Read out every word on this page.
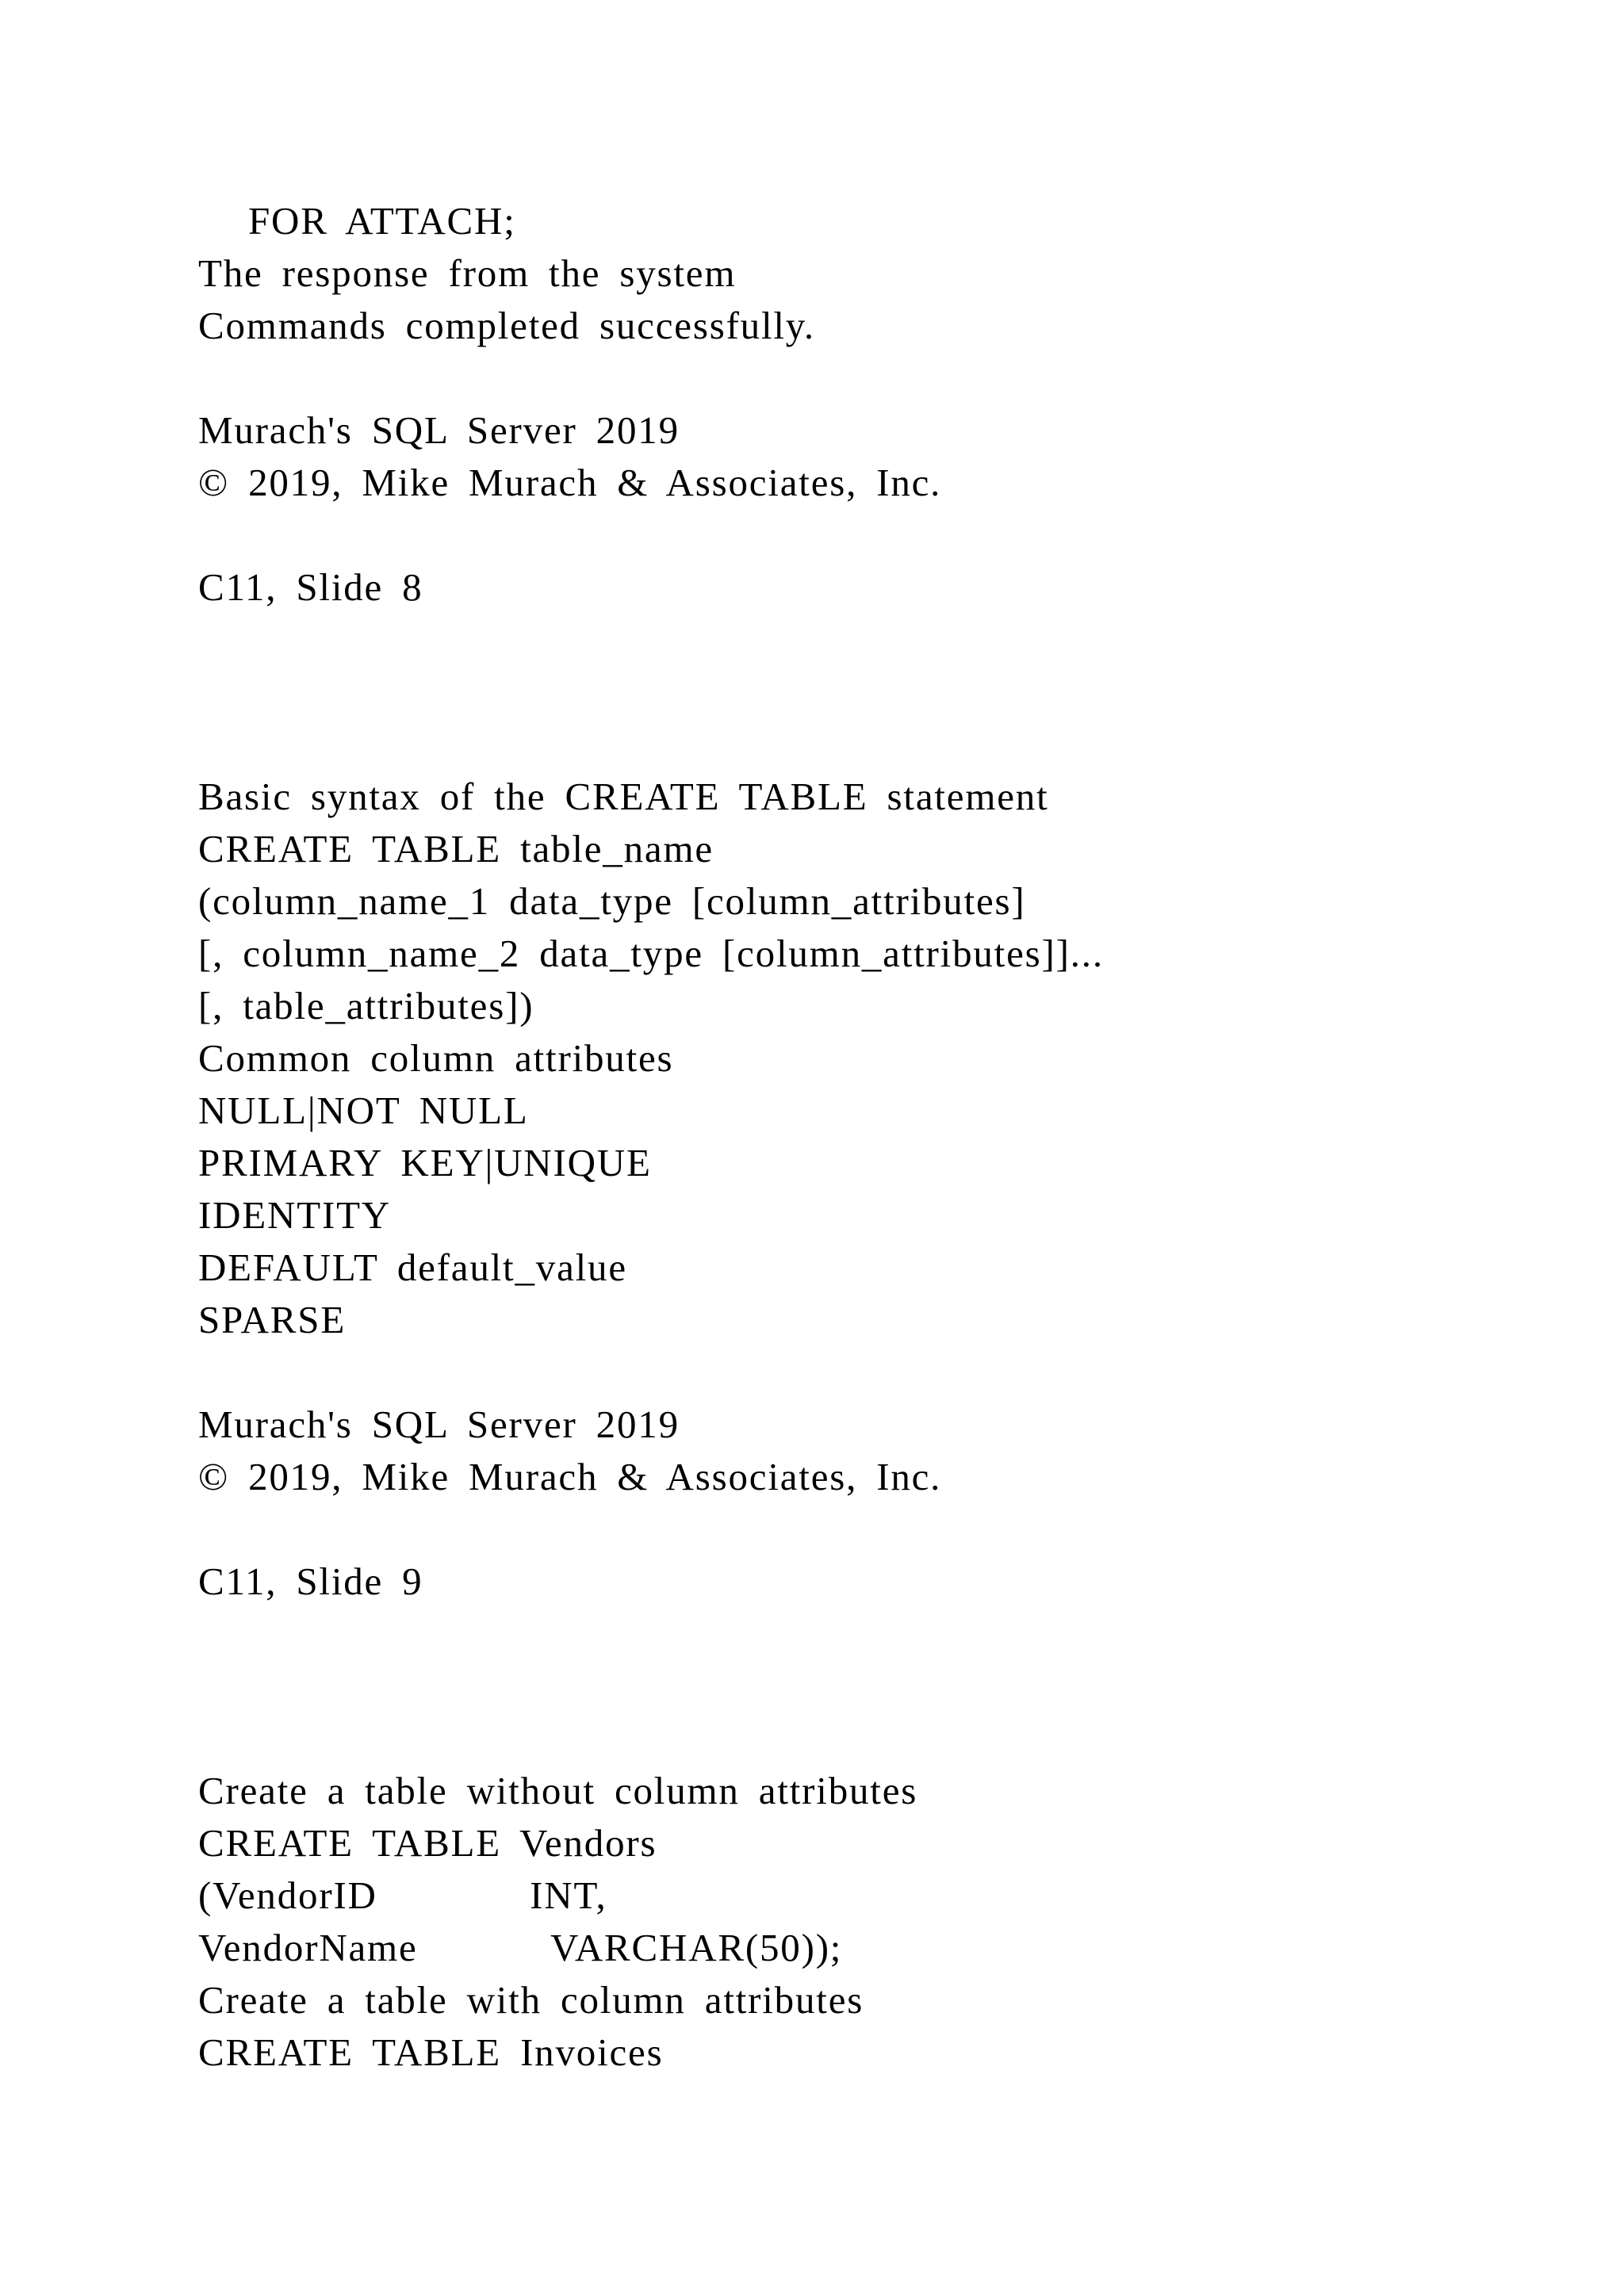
FOR ATTACH;

The response from the system

Commands completed successfully.

Murach's SQL Server 2019

© 2019, Mike Murach & Associates, Inc.

C11, Slide 8

Basic syntax of the CREATE TABLE statement

CREATE TABLE table_name

(column_name_1 data_type [column_attributes]

[, column_name_2 data_type [column_attributes]]...

[, table_attributes])

Common column attributes

NULL|NOT NULL

PRIMARY KEY|UNIQUE

IDENTITY

DEFAULT default_value

SPARSE

Murach's SQL Server 2019

© 2019, Mike Murach & Associates, Inc.

C11, Slide 9

Create a table without column attributes

CREATE TABLE Vendors

(VendorID        INT,

VendorName       VARCHAR(50));

Create a table with column attributes

CREATE TABLE Invoices
